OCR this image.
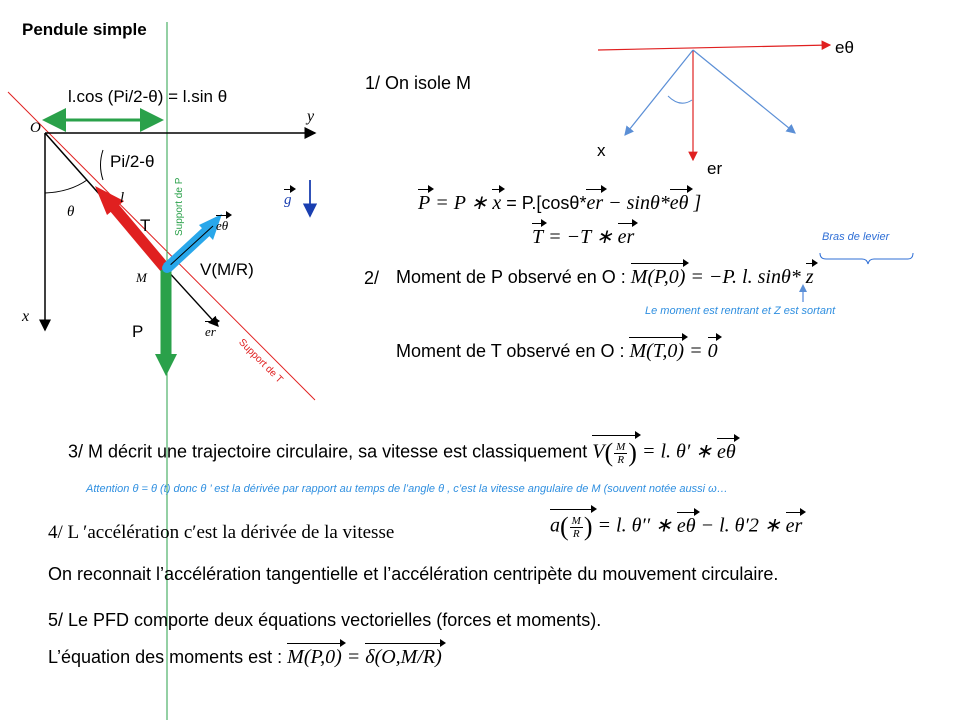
Pendule simple
l.cos (Pi/2-θ) = l.sin θ
O
y
x
Pi/2-θ
l
θ
T
M	V(M/R)
P
g
eθ
er
Support de P
Support de T
eθ
x
er
1/ On isole M
P = P ∗ x = P.[cosθ*er − sinθ*eθ ]
T = −T ∗ er	Bras de levier
2/ Moment de P observé en O : M(P,0) = −P. l. sinθ* z
Le moment est rentrant et Z est sortant
Moment de T observé en O : M(T,0) = 0
3/ M décrit une trajectoire circulaire, sa vitesse est classiquement $V( \frac{M}{R}$ ) = l. θ′ ∗ eθ
Attention θ = θ (t) donc θ ’ est la dérivée par rapport au temps de l’angle θ , c’est la vitesse angulaire de M (souvent notée aussi ω…
4/ L ′accélération c′est la dérivée de la vitesse	$a( \frac{M}{R}$ ) = l. θ′′ ∗ eθ − l. θ′2 ∗ er
On reconnait l’accélération tangentielle et l’accélération centripète du mouvement circulaire.
5/ Le PFD comporte deux équations vectorielles (forces et moments).
L’équation des moments est : M(P,0) = δ(O,M/R)
